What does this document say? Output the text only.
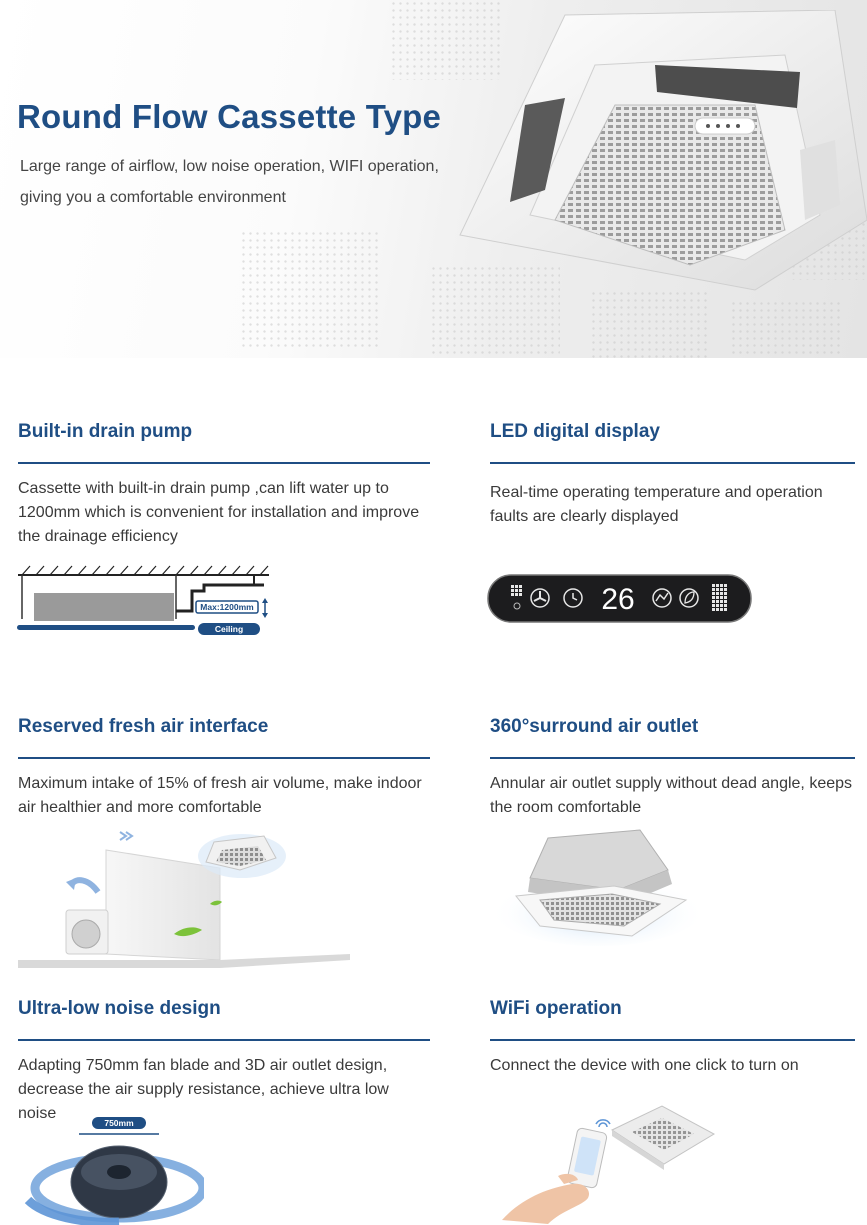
Round Flow Cassette Type
Large range of airflow, low noise operation, WIFI operation, giving you a comfortable environment
Built-in drain pump
Cassette with built-in drain pump ,can lift water up to 1200mm which is convenient for installation and improve the drainage efficiency
Max:1200mm
Ceiling
LED digital display
Real-time operating temperature and operation faults are clearly displayed
26
Reserved fresh air interface
Maximum intake of 15% of fresh air volume, make indoor air healthier and more comfortable
360°surround air outlet
Annular air outlet supply without dead angle, keeps the room comfortable
Ultra-low noise design
Adapting 750mm fan blade and 3D air outlet design, decrease the air supply resistance, achieve ultra low noise
750mm
WiFi operation
Connect the device with one click to turn on
